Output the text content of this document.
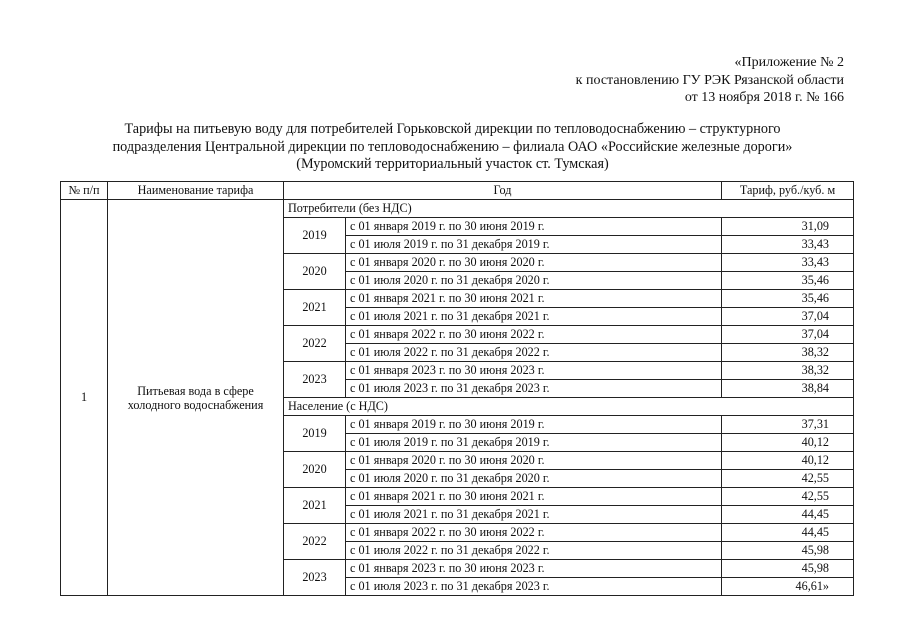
«Приложение № 2
к постановлению ГУ РЭК Рязанской области
от 13 ноября 2018 г. № 166
Тарифы на питьевую воду для потребителей Горьковской дирекции по тепловодоснабжению – структурного
подразделения Центральной дирекции по тепловодоснабжению – филиала ОАО «Российские железные дороги»
(Муромский территориальный участок ст. Тумская)
№ п/п	Наименование тарифа	Год		Тариф, руб./куб. м
1	Питьевая вода в сфере холодного водоснабжения	Потребители (без НДС)		
		2019	с 01 января 2019 г. по 30 июня 2019 г.	31,09
			с 01 июля 2019 г. по 31 декабря 2019 г.	33,43
		2020	с 01 января 2020 г. по 30 июня 2020 г.	33,43
			с 01 июля 2020 г. по 31 декабря 2020 г.	35,46
		2021	с 01 января 2021 г. по 30 июня 2021 г.	35,46
			с 01 июля 2021 г. по 31 декабря 2021 г.	37,04
		2022	с 01 января 2022 г. по 30 июня 2022 г.	37,04
			с 01 июля 2022 г. по 31 декабря 2022 г.	38,32
		2023	с 01 января 2023 г. по 30 июня 2023 г.	38,32
			с 01 июля 2023 г. по 31 декабря 2023 г.	38,84
		Население (с НДС)		
		2019	с 01 января 2019 г. по 30 июня 2019 г.	37,31
			с 01 июля 2019 г. по 31 декабря 2019 г.	40,12
		2020	с 01 января 2020 г. по 30 июня 2020 г.	40,12
			с 01 июля 2020 г. по 31 декабря 2020 г.	42,55
		2021	с 01 января 2021 г. по 30 июня 2021 г.	42,55
			с 01 июля 2021 г. по 31 декабря 2021 г.	44,45
		2022	с 01 января 2022 г. по 30 июня 2022 г.	44,45
			с 01 июля 2022 г. по 31 декабря 2022 г.	45,98
		2023	с 01 января 2023 г. по 30 июня 2023 г.	45,98
			с 01 июля 2023 г. по 31 декабря 2023 г.	46,61»
